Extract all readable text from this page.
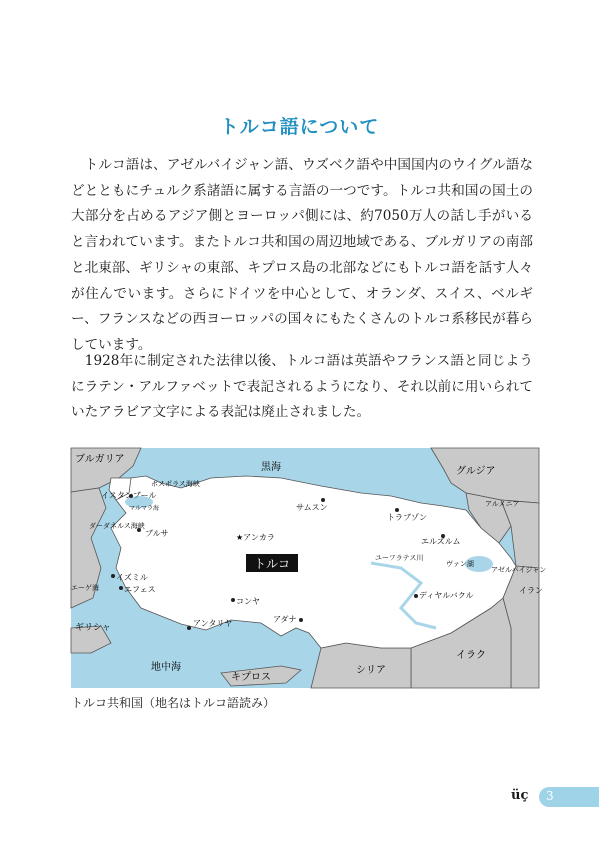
トルコ語について

　トルコ語は、アゼルバイジャン語、ウズベク語や中国国内のウイグル語などとともにチュルク系諸語に属する言語の一つです。トルコ共和国の国土の大部分を占めるアジア側とヨーロッパ側には、約7050万人の話し手がいると言われています。またトルコ共和国の周辺地域である、ブルガリアの南部と北東部、ギリシャの東部、キプロス島の北部などにもトルコ語を話す人々が住んでいます。さらにドイツを中心として、オランダ、スイス、ベルギー、フランスなどの西ヨーロッパの国々にもたくさんのトルコ系移民が暮らしています。

　1928年に制定された法律以後、トルコ語は英語やフランス語と同じようにラテン・アルファベットで表記されるようになり、それ以前に用いられていたアラビア文字による表記は廃止されました。

ブルガリア
黒海	グルジア
アルメニア
ボスポラス海峡
イスタンブール
マルマラ海
ダーダネルス海峡
ブルサ
サムスン
トラブゾン
★アンカラ	エルズルム
ユーフラテス川
ヴァン湖
アゼルバイジャン
トルコ
イズミル
エーゲ海	エフェス
コンヤ
ディヤルバクル
イラン
ギリシャ	アンタリヤ	アダナ
地中海
キプロス
シリア
イラク
トルコ共和国（地名はトルコ語読み）
üç 3
